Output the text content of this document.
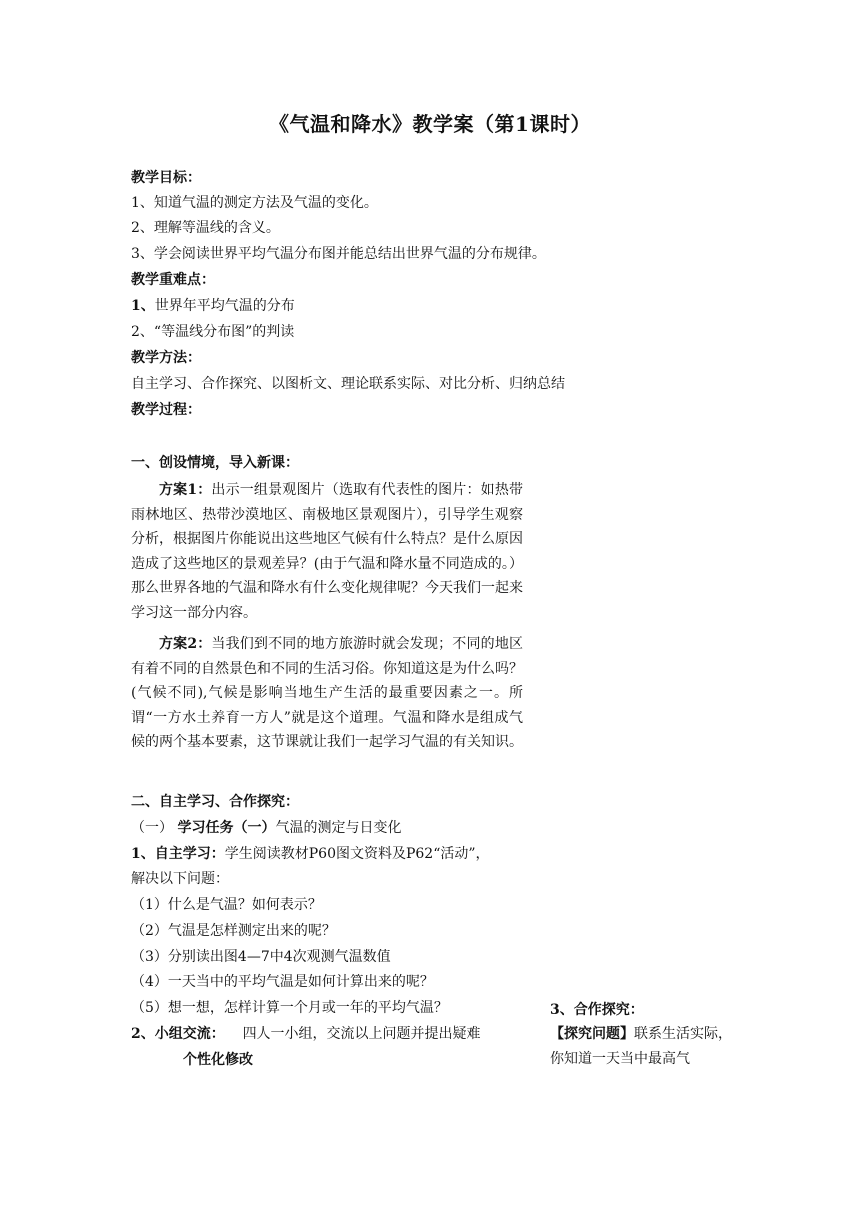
《气温和降水》教学案（第1课时）
教学目标：
1、知道气温的测定方法及气温的变化。
2、理解等温线的含义。
3、学会阅读世界平均气温分布图并能总结出世界气温的分布规律。
教学重难点：
1、世界年平均气温的分布
2、“等温线分布图”的判读
教学方法：
自主学习、合作探究、以图析文、理论联系实际、对比分析、归纳总结
教学过程：
一、创设情境，导入新课：
方案1：出示一组景观图片（选取有代表性的图片：如热带雨林地区、热带沙漠地区、南极地区景观图片），引导学生观察分析，根据图片你能说出这些地区气候有什么特点？是什么原因造成了这些地区的景观差异？(由于气温和降水量不同造成的。）那么世界各地的气温和降水有什么变化规律呢？今天我们一起来学习这一部分内容。
方案2：当我们到不同的地方旅游时就会发现；不同的地区有着不同的自然景色和不同的生活习俗。你知道这是为什么吗？(气候不同),气候是影响当地生产生活的最重要因素之一。所谓“一方水土养育一方人”就是这个道理。气温和降水是组成气候的两个基本要素，这节课就让我们一起学习气温的有关知识。
二、自主学习、合作探究：
（一） 学习任务（一）气温的测定与日变化
1、自主学习：学生阅读教材P60图文资料及P62“活动”，
解决以下问题：
（1）什么是气温？如何表示？
（2）气温是怎样测定出来的呢？
（3）分别读出图4—7中4次观测气温数值
（4）一天当中的平均气温是如何计算出来的呢？
（5）想一想，怎样计算一个月或一年的平均气温？
2、小组交流： 四人一小组，交流以上问题并提出疑难
个性化修改
3、合作探究：
【探究问题】联系生活实际，你知道一天当中最高气
